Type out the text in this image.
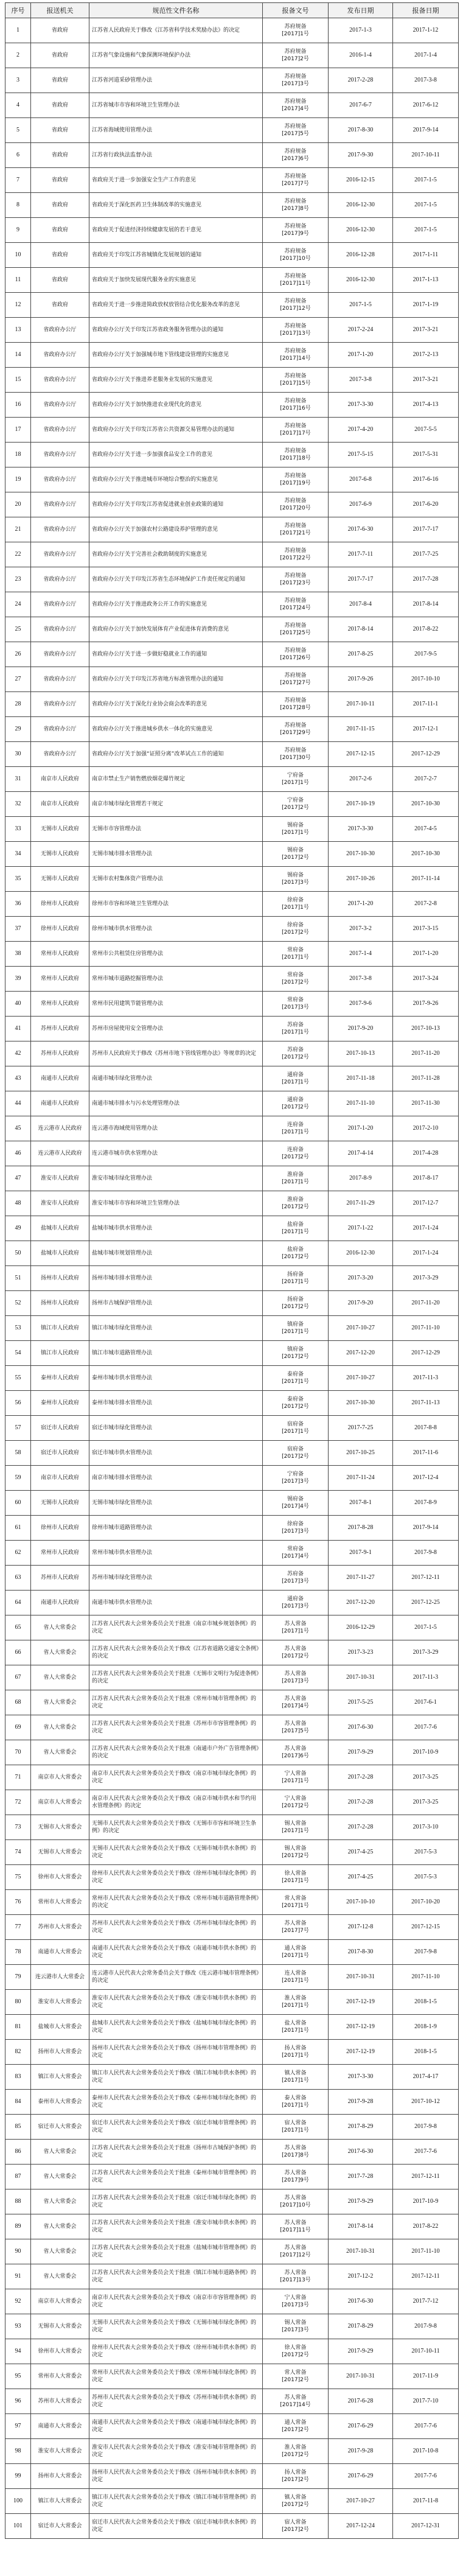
序号	报送机关	规范性文件名称	报备文号	发布日期	报备日期
1	省政府	江苏省人民政府关于修改《江苏省科学技术奖励办法》的决定	苏府规备
[2017]1号	2017-1-3	2017-1-12
2	省政府	江苏省气象设施和气象探测环境保护办法	苏府规备
[2017]2号	2016-1-4	2017-1-4
3	省政府	江苏省河道采砂管理办法	苏府规备
[2017]3号	2017-2-28	2017-3-8
4	省政府	江苏省城市市容和环境卫生管理办法	苏府规备
[2017]4号	2017-6-7	2017-6-12
5	省政府	江苏省海域使用管理办法	苏府规备
[2017]5号	2017-8-30	2017-9-14
6	省政府	江苏省行政执法监督办法	苏府规备
[2017]6号	2017-9-30	2017-10-11
7	省政府	省政府关于进一步加强安全生产工作的意见	苏府规备
[2017]7号	2016-12-15	2017-1-5
8	省政府	省政府关于深化医药卫生体制改革的实施意见	苏府规备
[2017]8号	2016-12-30	2017-1-5
9	省政府	省政府关于促进经济持续健康发展的若干意见	苏府规备
[2017]9号	2016-12-30	2017-1-5
10	省政府	省政府关于印发江苏省城镇化发展规划的通知	苏府规备
[2017]10号	2016-12-28	2017-1-11
11	省政府	省政府关于加快发展现代服务业的实施意见	苏府规备
[2017]11号	2016-12-30	2017-1-13
12	省政府	省政府关于进一步推进简政放权放管结合优化服务改革的意见	苏府规备
[2017]12号	2017-1-5	2017-1-19
13	省政府办公厅	省政府办公厅关于印发江苏省政务服务管理办法的通知	苏府规备
[2017]13号	2017-2-24	2017-3-21
14	省政府办公厅	省政府办公厅关于加强城市地下管线建设管理的实施意见	苏府规备
[2017]14号	2017-1-20	2017-2-13
15	省政府办公厅	省政府办公厅关于推进养老服务业发展的实施意见	苏府规备
[2017]15号	2017-3-8	2017-3-21
16	省政府办公厅	省政府办公厅关于加快推进农业现代化的意见	苏府规备
[2017]16号	2017-3-30	2017-4-13
17	省政府办公厅	省政府办公厅关于印发江苏省公共资源交易管理办法的通知	苏府规备
[2017]17号	2017-4-20	2017-5-5
18	省政府办公厅	省政府办公厅关于进一步加强食品安全工作的意见	苏府规备
[2017]18号	2017-5-15	2017-5-31
19	省政府办公厅	省政府办公厅关于推进城市环境综合整治的实施意见	苏府规备
[2017]19号	2017-6-8	2017-6-16
20	省政府办公厅	省政府办公厅关于印发江苏省促进就业创业政策的通知	苏府规备
[2017]20号	2017-6-9	2017-6-20
21	省政府办公厅	省政府办公厅关于加强农村公路建设养护管理的意见	苏府规备
[2017]21号	2017-6-30	2017-7-17
22	省政府办公厅	省政府办公厅关于完善社会救助制度的实施意见	苏府规备
[2017]22号	2017-7-11	2017-7-25
23	省政府办公厅	省政府办公厅关于印发江苏省生态环境保护工作责任规定的通知	苏府规备
[2017]23号	2017-7-17	2017-7-28
24	省政府办公厅	省政府办公厅关于推进政务公开工作的实施意见	苏府规备
[2017]24号	2017-8-4	2017-8-14
25	省政府办公厅	省政府办公厅关于加快发展体育产业促进体育消费的意见	苏府规备
[2017]25号	2017-8-14	2017-8-22
26	省政府办公厅	省政府办公厅关于进一步做好稳就业工作的通知	苏府规备
[2017]26号	2017-8-25	2017-9-5
27	省政府办公厅	省政府办公厅关于印发江苏省地方标准管理办法的通知	苏府规备
[2017]27号	2017-9-26	2017-10-10
28	省政府办公厅	省政府办公厅关于深化行业协会商会改革的意见	苏府规备
[2017]28号	2017-10-11	2017-11-1
29	省政府办公厅	省政府办公厅关于推进城乡供水一体化的实施意见	苏府规备
[2017]29号	2017-11-15	2017-12-1
30	省政府办公厅	省政府办公厅关于加强“证照分离”改革试点工作的通知	苏府规备
[2017]30号	2017-12-15	2017-12-29
31	南京市人民政府	南京市禁止生产销售燃放烟花爆竹规定	宁府备
[2017]1号	2017-2-6	2017-2-7
32	南京市人民政府	南京市城市绿化管理若干规定	宁府备
[2017]2号	2017-10-19	2017-10-30
33	无锡市人民政府	无锡市市容管理办法	锡府备
[2017]1号	2017-3-30	2017-4-5
34	无锡市人民政府	无锡市城市排水管理办法	锡府备
[2017]2号	2017-10-30	2017-10-30
35	无锡市人民政府	无锡市农村集体资产管理办法	锡府备
[2017]3号	2017-10-26	2017-11-14
36	徐州市人民政府	徐州市市容和环境卫生管理办法	徐府备
[2017]1号	2017-1-20	2017-2-8
37	徐州市人民政府	徐州市城市供水管理办法	徐府备
[2017]2号	2017-3-2	2017-3-15
38	常州市人民政府	常州市公共租赁住房管理办法	常府备
[2017]1号	2017-1-4	2017-1-20
39	常州市人民政府	常州市城市道路挖掘管理办法	常府备
[2017]2号	2017-3-8	2017-3-24
40	常州市人民政府	常州市民用建筑节能管理办法	常府备
[2017]3号	2017-9-6	2017-9-26
41	苏州市人民政府	苏州市房屋使用安全管理办法	苏府备
[2017]1号	2017-9-20	2017-10-13
42	苏州市人民政府	苏州市人民政府关于修改《苏州市地下管线管理办法》等规章的决定	苏府备
[2017]2号	2017-10-13	2017-11-20
43	南通市人民政府	南通市城市绿化管理办法	通府备
[2017]1号	2017-11-18	2017-11-28
44	南通市人民政府	南通市城市排水与污水处理管理办法	通府备
[2017]2号	2017-11-10	2017-11-30
45	连云港市人民政府	连云港市海域使用管理办法	连府备
[2017]1号	2017-1-20	2017-2-10
46	连云港市人民政府	连云港市城市供水管理办法	连府备
[2017]2号	2017-4-14	2017-4-28
47	淮安市人民政府	淮安市城市绿化管理办法	淮府备
[2017]1号	2017-8-9	2017-8-17
48	淮安市人民政府	淮安市城市市容和环境卫生管理办法	淮府备
[2017]2号	2017-11-29	2017-12-7
49	盐城市人民政府	盐城市城市供水管理办法	盐府备
[2017]1号	2017-1-22	2017-1-24
50	盐城市人民政府	盐城市城市规划管理办法	盐府备
[2017]2号	2016-12-30	2017-1-24
51	扬州市人民政府	扬州市城市排水管理办法	扬府备
[2017]1号	2017-3-20	2017-3-29
52	扬州市人民政府	扬州市古城保护管理办法	扬府备
[2017]2号	2017-9-20	2017-11-20
53	镇江市人民政府	镇江市城市绿化管理办法	镇府备
[2017]1号	2017-10-27	2017-11-10
54	镇江市人民政府	镇江市城市道路管理办法	镇府备
[2017]2号	2017-12-20	2017-12-29
55	泰州市人民政府	泰州市城市供水管理办法	泰府备
[2017]1号	2017-10-27	2017-11-3
56	泰州市人民政府	泰州市城市排水管理办法	泰府备
[2017]2号	2017-10-30	2017-11-13
57	宿迁市人民政府	宿迁市城市绿化管理办法	宿府备
[2017]1号	2017-7-25	2017-8-8
58	宿迁市人民政府	宿迁市城市供水管理办法	宿府备
[2017]2号	2017-10-25	2017-11-6
59	南京市人民政府	南京市城市排水管理办法	宁府备
[2017]3号	2017-11-24	2017-12-4
60	无锡市人民政府	无锡市城市绿化管理办法	锡府备
[2017]4号	2017-8-1	2017-8-9
61	徐州市人民政府	徐州市城市道路管理办法	徐府备
[2017]3号	2017-8-28	2017-9-14
62	常州市人民政府	常州市城市供水管理办法	常府备
[2017]4号	2017-9-1	2017-9-8
63	苏州市人民政府	苏州市城市绿化管理办法	苏府备
[2017]3号	2017-11-27	2017-12-11
64	南通市人民政府	南通市城市供水管理办法	通府备
[2017]3号	2017-12-20	2017-12-25
65	省人大常委会	江苏省人民代表大会常务委员会关于批准《南京市城乡规划条例》的决定	苏人常备
[2017]1号	2016-12-29	2017-1-5
66	省人大常委会	江苏省人民代表大会常务委员会关于修改《江苏省道路交通安全条例》的决定	苏人常备
[2017]2号	2017-3-23	2017-3-29
67	省人大常委会	江苏省人民代表大会常务委员会关于批准《无锡市文明行为促进条例》的决定	苏人常备
[2017]3号	2017-10-31	2017-11-3
68	省人大常委会	江苏省人民代表大会常务委员会关于批准《常州市城市管理条例》的决定	苏人常备
[2017]4号	2017-5-25	2017-6-1
69	省人大常委会	江苏省人民代表大会常务委员会关于批准《苏州市市容管理条例》的决定	苏人常备
[2017]5号	2017-6-30	2017-7-6
70	省人大常委会	江苏省人民代表大会常务委员会关于批准《南通市户外广告管理条例》的决定	苏人常备
[2017]6号	2017-9-29	2017-10-9
71	南京市人大常委会	南京市人民代表大会常务委员会关于修改《南京市城市绿化条例》的决定	宁人常备
[2017]1号	2017-2-28	2017-3-25
72	南京市人大常委会	南京市人民代表大会常务委员会关于修改《南京市城市供水和节约用水管理条例》的决定	宁人常备
[2017]2号	2017-2-28	2017-3-25
73	无锡市人大常委会	无锡市人民代表大会常务委员会关于修改《无锡市市容和环境卫生条例》的决定	锡人常备
[2017]1号	2017-2-28	2017-3-10
74	无锡市人大常委会	无锡市人民代表大会常务委员会关于修改《无锡市城市供水条例》的决定	锡人常备
[2017]2号	2017-4-25	2017-5-3
75	徐州市人大常委会	徐州市人民代表大会常务委员会关于修改《徐州市城市绿化条例》的决定	徐人常备
[2017]1号	2017-4-25	2017-5-3
76	常州市人大常委会	常州市人民代表大会常务委员会关于修改《常州市城市道路管理条例》的决定	常人常备
[2017]1号	2017-10-10	2017-10-20
77	苏州市人大常委会	苏州市人民代表大会常务委员会关于修改《苏州市城市绿化条例》的决定	苏人常备
[2017]7号	2017-12-8	2017-12-15
78	南通市人大常委会	南通市人民代表大会常务委员会关于修改《南通市城市供水条例》的决定	通人常备
[2017]1号	2017-8-30	2017-9-8
79	连云港市人大常委会	连云港市人民代表大会常务委员会关于修改《连云港市城市管理条例》的决定	连人常备
[2017]1号	2017-10-31	2017-11-10
80	淮安市人大常委会	淮安市人民代表大会常务委员会关于修改《淮安市城市供水条例》的决定	淮人常备
[2017]1号	2017-12-19	2018-1-5
81	盐城市人大常委会	盐城市人民代表大会常务委员会关于修改《盐城市城市绿化条例》的决定	盐人常备
[2017]1号	2017-12-19	2018-1-9
82	扬州市人大常委会	扬州市人民代表大会常务委员会关于修改《扬州市城市管理条例》的决定	扬人常备
[2017]1号	2017-12-19	2018-1-5
83	镇江市人大常委会	镇江市人民代表大会常务委员会关于修改《镇江市城市供水条例》的决定	镇人常备
[2017]1号	2017-3-30	2017-4-17
84	泰州市人大常委会	泰州市人民代表大会常务委员会关于修改《泰州市城市绿化条例》的决定	泰人常备
[2017]1号	2017-9-28	2017-10-12
85	宿迁市人大常委会	宿迁市人民代表大会常务委员会关于修改《宿迁市城市管理条例》的决定	宿人常备
[2017]1号	2017-8-29	2017-9-8
86	省人大常委会	江苏省人民代表大会常务委员会关于批准《扬州市古城保护条例》的决定	苏人常备
[2017]8号	2017-6-30	2017-7-6
87	省人大常委会	江苏省人民代表大会常务委员会关于批准《泰州市城市管理条例》的决定	苏人常备
[2017]9号	2017-7-28	2017-12-11
88	省人大常委会	江苏省人民代表大会常务委员会关于批准《宿迁市城市绿化条例》的决定	苏人常备
[2017]10号	2017-9-29	2017-10-9
89	省人大常委会	江苏省人民代表大会常务委员会关于批准《淮安市城市供水条例》的决定	苏人常备
[2017]11号	2017-8-14	2017-8-22
90	省人大常委会	江苏省人民代表大会常务委员会关于批准《盐城市城市管理条例》的决定	苏人常备
[2017]12号	2017-10-31	2017-11-10
91	省人大常委会	江苏省人民代表大会常务委员会关于批准《镇江市城市道路条例》的决定	苏人常备
[2017]13号	2017-12-2	2017-12-11
92	南京市人大常委会	南京市人民代表大会常务委员会关于修改《南京市市容管理条例》的决定	宁人常备
[2017]3号	2017-6-30	2017-7-12
93	无锡市人大常委会	无锡市人民代表大会常务委员会关于修改《无锡市城市绿化条例》的决定	锡人常备
[2017]3号	2017-8-29	2017-9-8
94	徐州市人大常委会	徐州市人民代表大会常务委员会关于修改《徐州市城市供水条例》的决定	徐人常备
[2017]2号	2017-9-29	2017-10-11
95	常州市人大常委会	常州市人民代表大会常务委员会关于修改《常州市城市绿化条例》的决定	常人常备
[2017]2号	2017-10-31	2017-11-9
96	苏州市人大常委会	苏州市人民代表大会常务委员会关于修改《苏州市城市供水条例》的决定	苏人常备
[2017]14号	2017-6-28	2017-7-10
97	南通市人大常委会	南通市人民代表大会常务委员会关于修改《南通市城市绿化条例》的决定	通人常备
[2017]2号	2017-6-29	2017-7-6
98	淮安市人大常委会	淮安市人民代表大会常务委员会关于修改《淮安市城市管理条例》的决定	淮人常备
[2017]2号	2017-9-28	2017-10-8
99	扬州市人大常委会	扬州市人民代表大会常务委员会关于修改《扬州市城市供水条例》的决定	扬人常备
[2017]2号	2017-6-29	2017-7-6
100	镇江市人大常委会	镇江市人民代表大会常务委员会关于修改《镇江市城市管理条例》的决定	镇人常备
[2017]2号	2017-10-27	2017-11-8
101	宿迁市人大常委会	宿迁市人民代表大会常务委员会关于修改《宿迁市城市供水条例》的决定	宿人常备
[2017]2号	2017-12-24	2017-12-31
